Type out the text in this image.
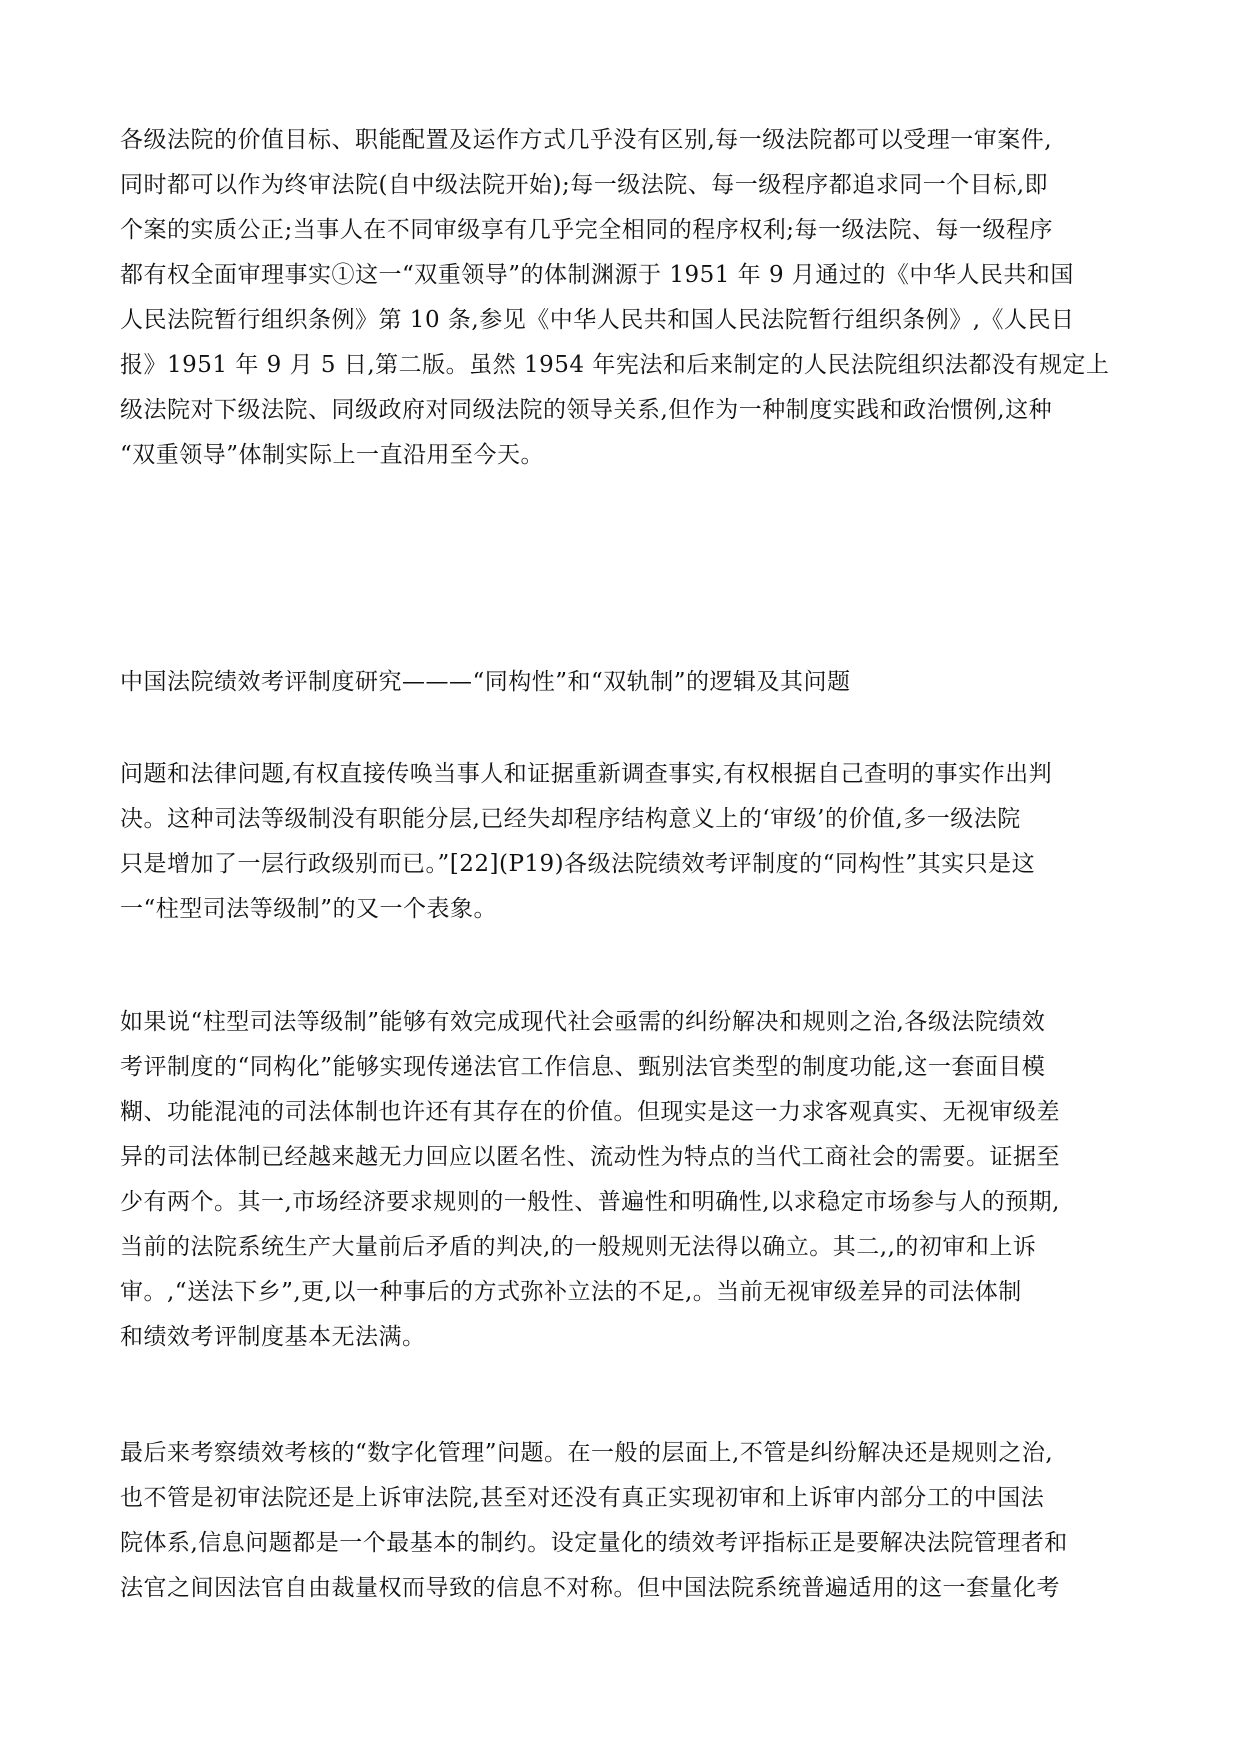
各级法院的价值目标、职能配置及运作方式几乎没有区别,每一级法院都可以受理一审案件,
同时都可以作为终审法院(自中级法院开始);每一级法院、每一级程序都追求同一个目标,即
个案的实质公正;当事人在不同审级享有几乎完全相同的程序权利;每一级法院、每一级程序
都有权全面审理事实①这一“双重领导”的体制渊源于 1951 年 9 月通过的《中华人民共和国
人民法院暂行组织条例》第 10 条,参见《中华人民共和国人民法院暂行组织条例》,《人民日
报》1951 年 9 月 5 日,第二版。虽然 1954 年宪法和后来制定的人民法院组织法都没有规定上
级法院对下级法院、同级政府对同级法院的领导关系,但作为一种制度实践和政治惯例,这种
“双重领导”体制实际上一直沿用至今天。
中国法院绩效考评制度研究———“同构性”和“双轨制”的逻辑及其问题
问题和法律问题,有权直接传唤当事人和证据重新调查事实,有权根据自己查明的事实作出判
决。这种司法等级制没有职能分层,已经失却程序结构意义上的‘审级’的价值,多一级法院
只是增加了一层行政级别而已。”[22](P19)各级法院绩效考评制度的“同构性”其实只是这
一“柱型司法等级制”的又一个表象。
如果说“柱型司法等级制”能够有效完成现代社会亟需的纠纷解决和规则之治,各级法院绩效
考评制度的“同构化”能够实现传递法官工作信息、甄别法官类型的制度功能,这一套面目模
糊、功能混沌的司法体制也许还有其存在的价值。但现实是这一力求客观真实、无视审级差
异的司法体制已经越来越无力回应以匿名性、流动性为特点的当代工商社会的需要。证据至
少有两个。其一,市场经济要求规则的一般性、普遍性和明确性,以求稳定市场参与人的预期,
当前的法院系统生产大量前后矛盾的判决,的一般规则无法得以确立。其二,,的初审和上诉
审。,“送法下乡”,更,以一种事后的方式弥补立法的不足,。当前无视审级差异的司法体制
和绩效考评制度基本无法满。
最后来考察绩效考核的“数字化管理”问题。在一般的层面上,不管是纠纷解决还是规则之治,
也不管是初审法院还是上诉审法院,甚至对还没有真正实现初审和上诉审内部分工的中国法
院体系,信息问题都是一个最基本的制约。设定量化的绩效考评指标正是要解决法院管理者和
法官之间因法官自由裁量权而导致的信息不对称。但中国法院系统普遍适用的这一套量化考
